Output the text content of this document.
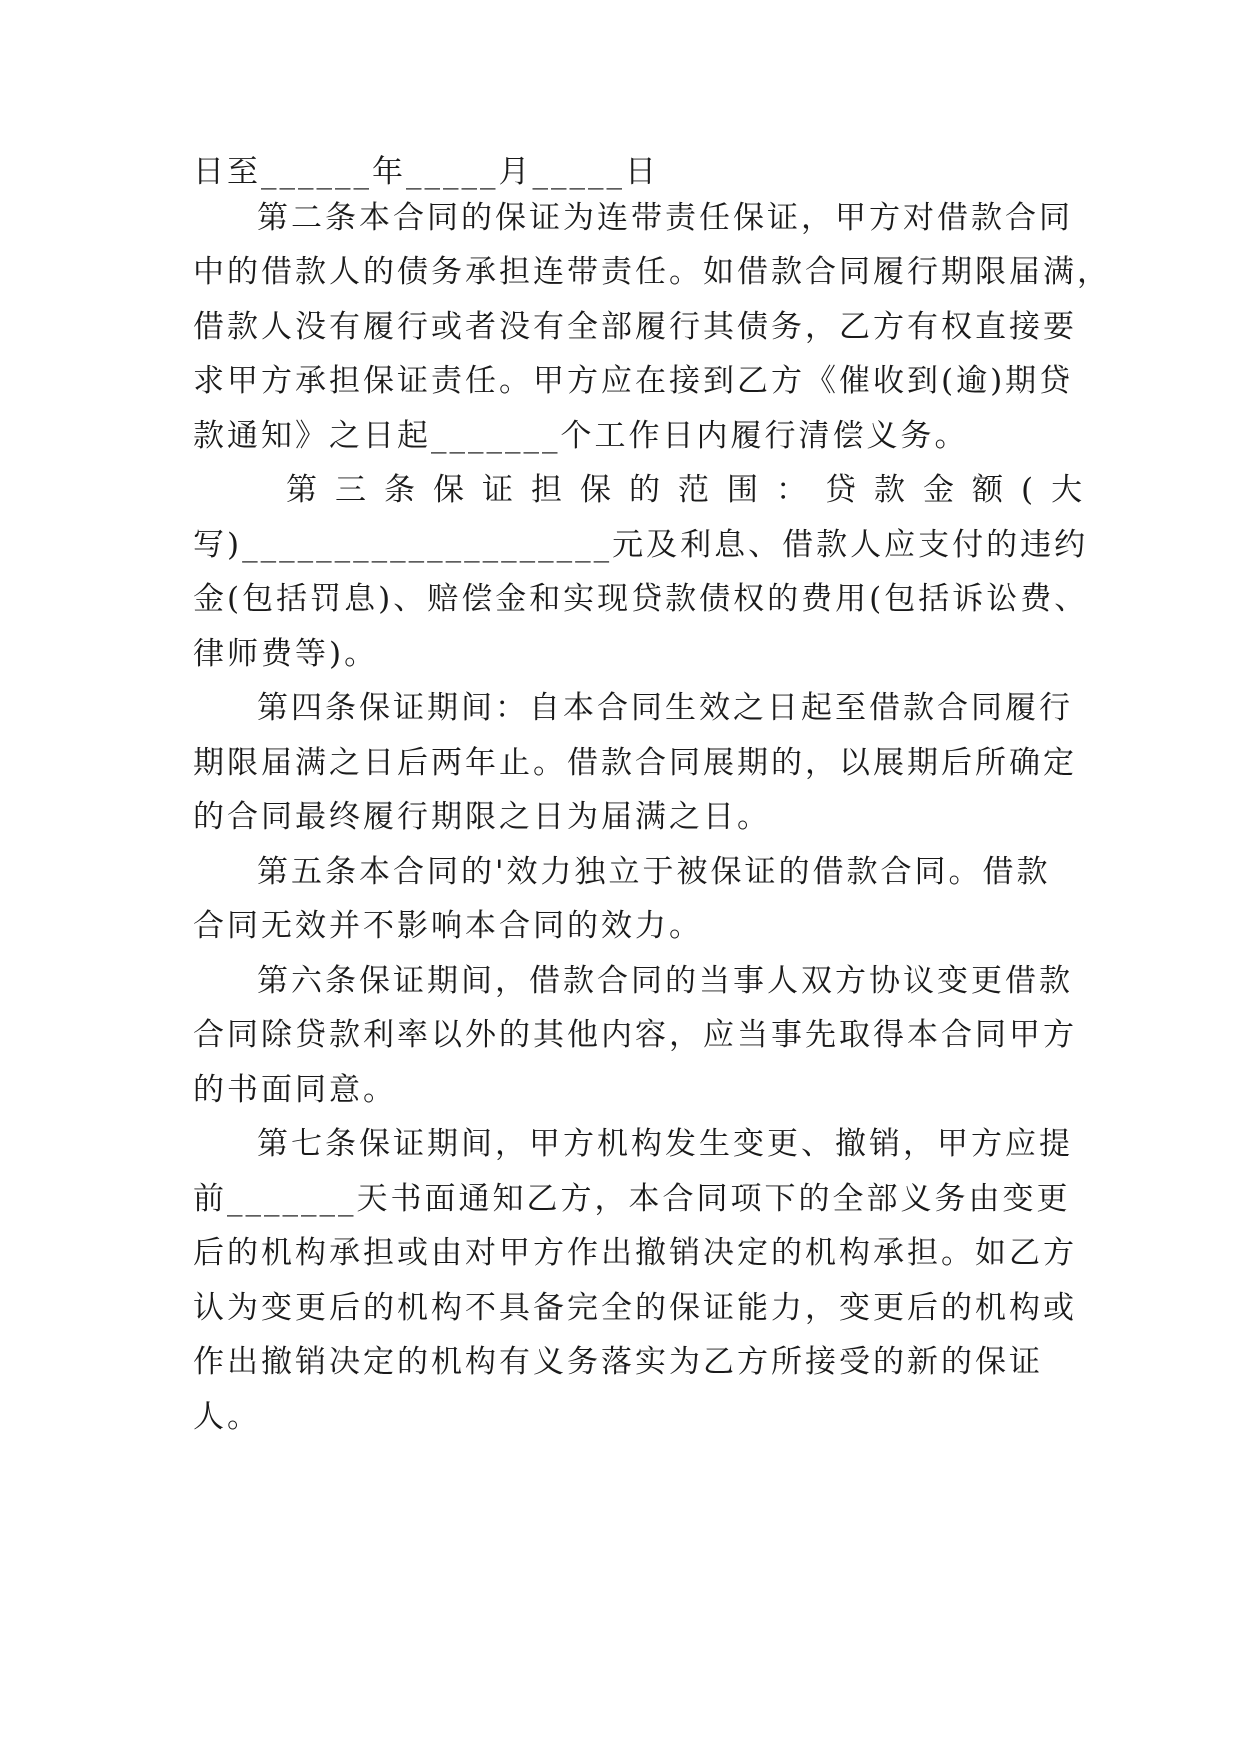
日至______年_____月_____日
第二条本合同的保证为连带责任保证，甲方对借款合同
中的借款人的债务承担连带责任。如借款合同履行期限届满，
借款人没有履行或者没有全部履行其债务，乙方有权直接要
求甲方承担保证责任。甲方应在接到乙方《催收到(逾)期贷
款通知》之日起_______个工作日内履行清偿义务。
第三条保证担保的范围：贷款金额(大
写)____________________元及利息、借款人应支付的违约
金(包括罚息)、赔偿金和实现贷款债权的费用(包括诉讼费、
律师费等)。
第四条保证期间：自本合同生效之日起至借款合同履行
期限届满之日后两年止。借款合同展期的，以展期后所确定
的合同最终履行期限之日为届满之日。
第五条本合同的'效力独立于被保证的借款合同。借款
合同无效并不影响本合同的效力。
第六条保证期间，借款合同的当事人双方协议变更借款
合同除贷款利率以外的其他内容，应当事先取得本合同甲方
的书面同意。
第七条保证期间，甲方机构发生变更、撤销，甲方应提
前_______天书面通知乙方，本合同项下的全部义务由变更
后的机构承担或由对甲方作出撤销决定的机构承担。如乙方
认为变更后的机构不具备完全的保证能力，变更后的机构或
作出撤销决定的机构有义务落实为乙方所接受的新的保证
人。
